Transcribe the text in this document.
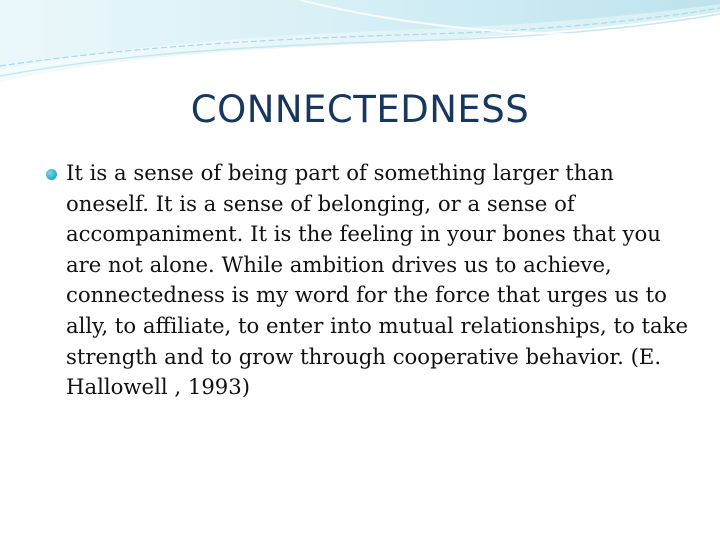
CONNECTEDNESS

It is a sense of being part of something larger than oneself. It is a sense of belonging, or a sense of accompaniment. It is the feeling in your bones that you are not alone. While ambition drives us to achieve, connectedness is my word for the force that urges us to ally, to affiliate, to enter into mutual relationships, to take strength and to grow through cooperative behavior. (E. Hallowell , 1993)
